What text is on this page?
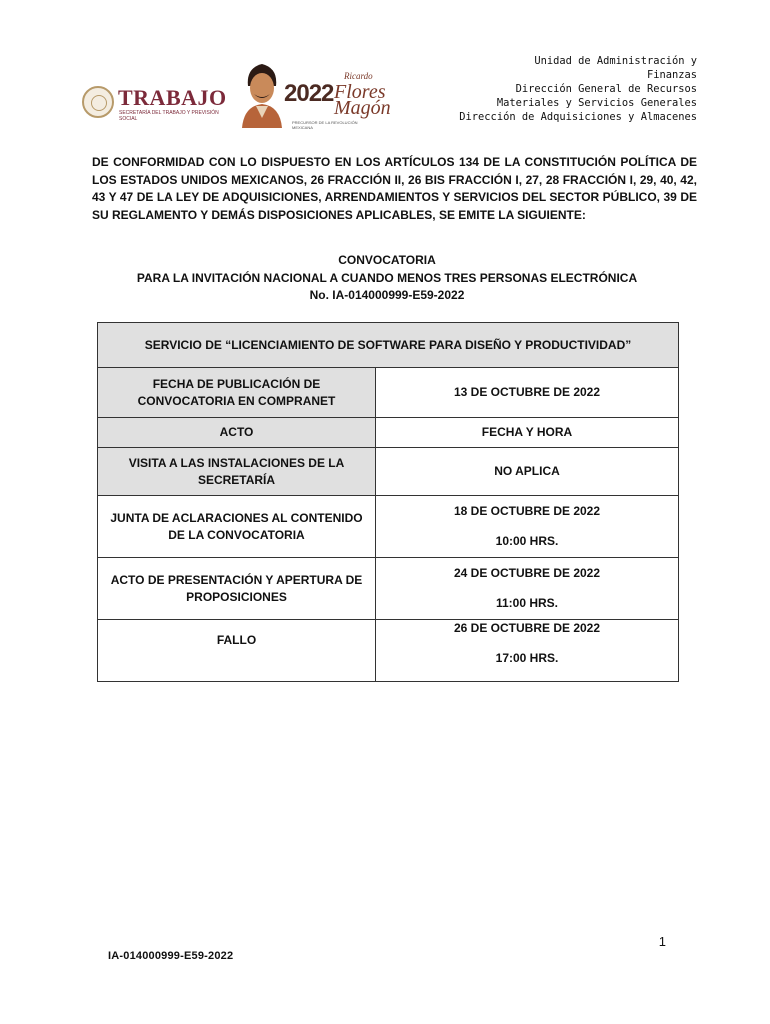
TRABAJO
SECRETARÍA DEL TRABAJO Y PREVISIÓN SOCIAL
2022
Ricardo
Flores
Magón
PRECURSOR DE LA REVOLUCIÓN MEXICANA
Unidad de Administración y
Finanzas
Dirección General de Recursos
Materiales y Servicios Generales
Dirección de Adquisiciones y Almacenes
DE CONFORMIDAD CON LO DISPUESTO EN LOS ARTÍCULOS 134 DE LA CONSTITUCIÓN POLÍTICA DE LOS ESTADOS UNIDOS MEXICANOS, 26 FRACCIÓN II, 26 BIS FRACCIÓN I, 27, 28 FRACCIÓN I, 29, 40, 42, 43 Y 47 DE LA LEY DE ADQUISICIONES, ARRENDAMIENTOS Y SERVICIOS DEL SECTOR PÚBLICO, 39 DE SU REGLAMENTO Y DEMÁS DISPOSICIONES APLICABLES, SE EMITE LA SIGUIENTE:
CONVOCATORIA
PARA LA INVITACIÓN NACIONAL A CUANDO MENOS TRES PERSONAS ELECTRÓNICA
No. IA-014000999-E59-2022
SERVICIO DE “LICENCIAMIENTO DE SOFTWARE PARA DISEÑO Y PRODUCTIVIDAD”	
FECHA DE PUBLICACIÓN DE CONVOCATORIA EN COMPRANET	13 DE OCTUBRE DE 2022
ACTO	FECHA Y HORA
VISITA A LAS INSTALACIONES DE LA SECRETARÍA	NO APLICA
JUNTA DE ACLARACIONES AL CONTENIDO DE LA CONVOCATORIA	18 DE OCTUBRE DE 2022
10:00 HRS.

ACTO DE PRESENTACIÓN Y APERTURA DE PROPOSICIONES	24 DE OCTUBRE DE 2022
11:00 HRS.

FALLO	26 DE OCTUBRE DE 2022
17:00 HRS.
1
IA-014000999-E59-2022
